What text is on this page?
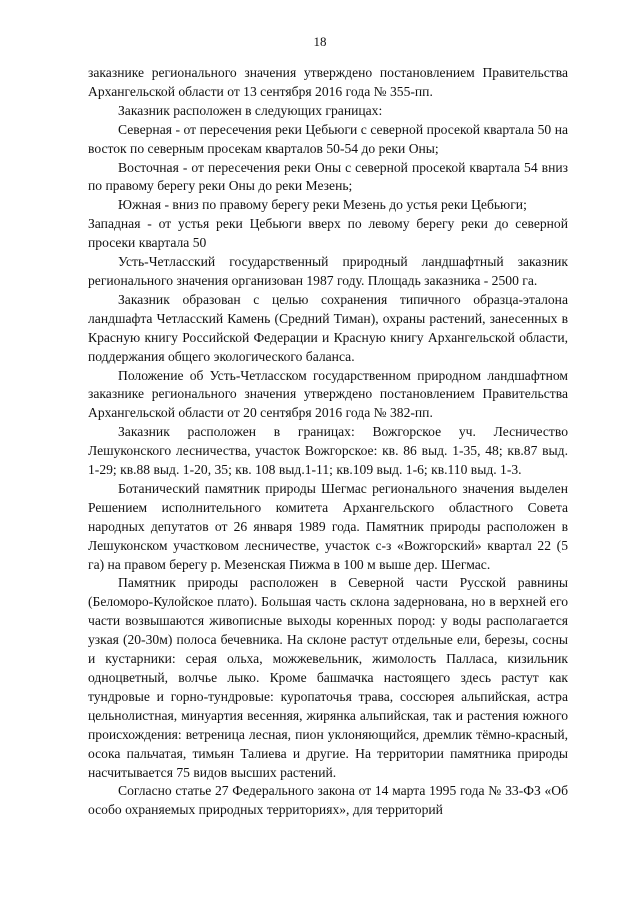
18

заказнике регионального значения утверждено постановлением Правительства Архангельской области от 13 сентября 2016 года № 355-пп.

Заказник расположен в следующих границах:

Северная - от пересечения реки Цебьюги с северной просекой квартала 50 на восток по северным просекам кварталов 50-54 до реки Оны;

Восточная - от пересечения реки Оны с северной просекой квартала 54 вниз по правому берегу реки Оны до реки Мезень;

Южная - вниз по правому берегу реки Мезень до устья реки Цебьюги;

Западная - от устья реки Цебьюги вверх по левому берегу реки до северной просеки квартала 50

Усть-Четласский государственный природный ландшафтный заказник регионального значения организован 1987 году. Площадь заказника - 2500 га.

Заказник образован с целью сохранения типичного образца-эталона ландшафта Четласский Камень (Средний Тиман), охраны растений, занесенных в Красную книгу Российской Федерации и Красную книгу Архангельской области, поддержания общего экологического баланса.

Положение об Усть-Четласском государственном природном ландшафтном заказнике регионального значения утверждено постановлением Правительства Архангельской области от 20 сентября 2016 года № 382-пп.

Заказник расположен в границах: Вожгорское уч. Лесничество Лешуконского лесничества, участок Вожгорское: кв. 86 выд. 1-35, 48; кв.87 выд. 1-29; кв.88 выд. 1-20, 35; кв. 108 выд.1-11; кв.109 выд. 1-6; кв.110 выд. 1-3.

Ботанический памятник природы Шегмас регионального значения выделен Решением исполнительного комитета Архангельского областного Совета народных депутатов от 26 января 1989 года. Памятник природы расположен в Лешуконском участковом лесничестве, участок с-з «Вожгорский» квартал 22 (5 га) на правом берегу р. Мезенская Пижма в 100 м выше дер. Шегмас.

Памятник природы расположен в Северной части Русской равнины (Беломоро-Кулойское плато). Большая часть склона задернована, но в верхней его части возвышаются живописные выходы коренных пород: у воды располагается узкая (20-30м) полоса бечевника. На склоне растут отдельные ели, березы, сосны и кустарники: серая ольха, можжевельник, жимолость Палласа, кизильник одноцветный, волчье лыко. Кроме башмачка настоящего здесь растут как тундровые и горно-тундровые: куропаточья трава, соссюрея альпийская, астра цельнолистная, минуартия весенняя, жирянка альпийская, так и растения южного происхождения: ветреница лесная, пион уклоняющийся, дремлик тёмно-красный, осока пальчатая, тимьян Талиева и другие. На территории памятника природы насчитывается 75 видов высших растений.

Согласно статье 27 Федерального закона от 14 марта 1995 года № 33-ФЗ «Об особо охраняемых природных территориях», для территорий
